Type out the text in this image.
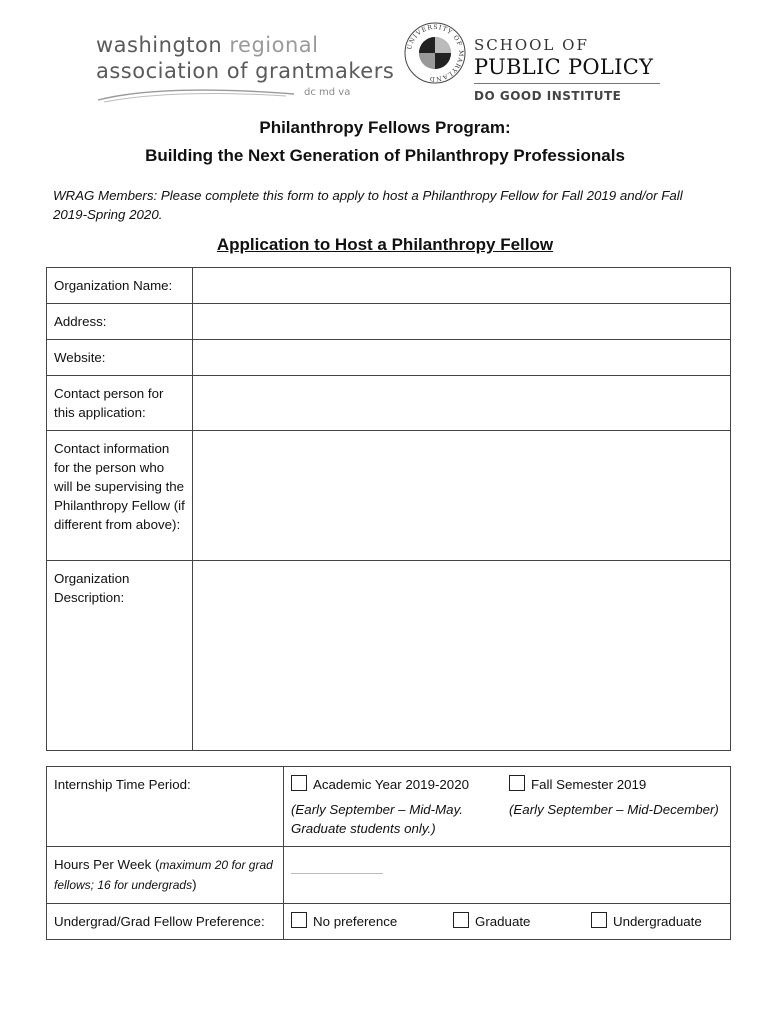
washington regional
association of grantmakers
dc md va
UNIVERSITY OF MARYLAND
SCHOOL OF
PUBLIC POLICY
DO GOOD INSTITUTE
Philanthropy Fellows Program:
Building the Next Generation of Philanthropy Professionals
WRAG Members: Please complete this form to apply to host a Philanthropy Fellow for Fall 2019 and/or Fall 2019-Spring 2020.
Application to Host a Philanthropy Fellow
Organization Name:	
Address:	
Website:	
Contact person for this application:	
Contact information for the person who will be supervising the Philanthropy Fellow (if different from above):	
Organization Description:	
Internship Time Period:	Academic Year 2019-2020
(Early September – Mid-May. Graduate students only.)
Fall Semester 2019
(Early September – Mid-December)

Hours Per Week (maximum 20 for grad fellows; 16 for undergrads)	

Undergrad/Grad Fellow Preference:	No preference Graduate Undergraduate
